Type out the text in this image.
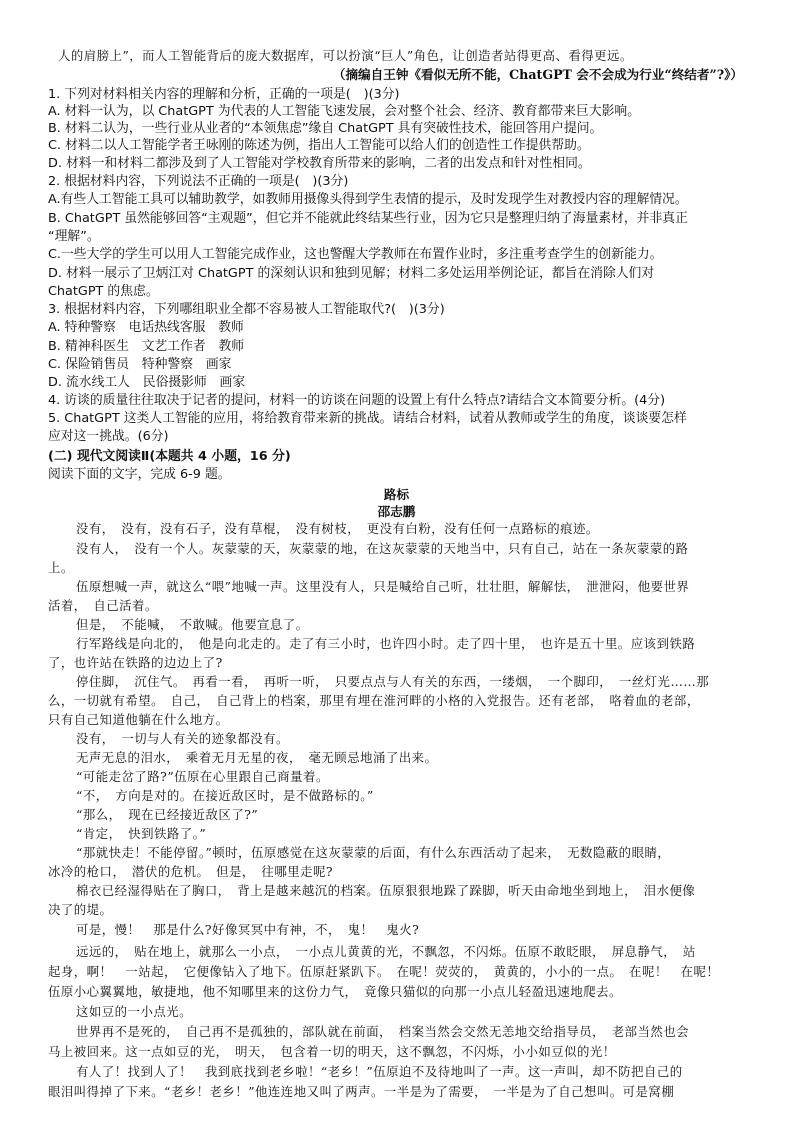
人的肩膀上”，而人工智能背后的庞大数据库，可以扮演“巨人”角色，让创造者站得更高、看得更远。

（摘编自王钟《看似无所不能，ChatGPT 会不会成为行业“终结者”?》）

1. 下列对材料相关内容的理解和分析，正确的一项是(　)(3分)

A. 材料一认为，以 ChatGPT 为代表的人工智能飞速发展，会对整个社会、经济、教育都带来巨大影响。

B. 材料二认为，一些行业从业者的“本领焦虑”缘自 ChatGPT 具有突破性技术，能回答用户提问。

C. 材料二以人工智能学者王咏刚的陈述为例，指出人工智能可以给人们的创造性工作提供帮助。

D. 材料一和材料二都涉及到了人工智能对学校教育所带来的影响，二者的出发点和针对性相同。

2. 根据材料内容，下列说法不正确的一项是(　)(3分)

A.有些人工智能工具可以辅助教学，如教师用摄像头得到学生表情的提示，及时发现学生对教授内容的理解情况。

B. ChatGPT 虽然能够回答“主观题”，但它并不能就此终结某些行业，因为它只是整理归纳了海量素材，并非真正

“理解”。

C.一些大学的学生可以用人工智能完成作业，这也警醒大学教师在布置作业时，多注重考查学生的创新能力。

D. 材料一展示了卫炳江对 ChatGPT 的深刻认识和独到见解；材料二多处运用举例论证，都旨在消除人们对

ChatGPT 的焦虑。

3. 根据材料内容，下列哪组职业全都不容易被人工智能取代?(　)(3分)

A. 特种警察　电话热线客服　教师

B. 精神科医生　文艺工作者　教师

C. 保险销售员　特种警察　画家

D. 流水线工人　民俗摄影师　画家

4. 访谈的质量往往取决于记者的提问，材料一的访谈在问题的设置上有什么特点?请结合文本简要分析。(4分)

5. ChatGPT 这类人工智能的应用，将给教育带来新的挑战。请结合材料，试着从教师或学生的角度，谈谈要怎样

应对这一挑战。(6分)

(二) 现代文阅读Ⅱ(本题共 4 小题，16 分)

阅读下面的文字，完成 6-9 题。

路标

邵志鹏

没有，　没有，没有石子，没有草棍，　没有树枝，　更没有白粉，没有任何一点路标的痕迹。

没有人，　没有一个人。灰蒙蒙的天，灰蒙蒙的地，在这灰蒙蒙的天地当中，只有自己，站在一条灰蒙蒙的路

上。

伍原想喊一声，就这么“喂”地喊一声。这里没有人，只是喊给自己听，壮壮胆，解解怯，　泄泄闷，他要世界

活着，　自己活着。

但是，　不能喊，　不敢喊。他要宣息了。

行军路线是向北的，　他是向北走的。走了有三小时，也许四小时。走了四十里，　也许是五十里。应该到铁路

了，也许站在铁路的边边上了?

停住脚，　沉住气。　再看一看，　再听一听，　只要点点与人有关的东西，一缕烟，　一个脚印，　一丝灯光……那

么，一切就有希望。　自己，　自己背上的档案，那里有埋在淮河畔的小格的入党报告。还有老部，　咯着血的老部，

只有自己知道他躺在什么地方。

没有，　一切与人有关的迹象都没有。

无声无息的泪水，　乘着无月无星的夜，　毫无顾忌地涌了出来。

“可能走岔了路?”伍原在心里跟自己商量着。

“不，　方向是对的。在接近敌区时，是不做路标的。”

“那么，　现在已经接近敌区了?”

“肯定，　快到铁路了。”

“那就快走！不能停留。”顿时，伍原感觉在这灰蒙蒙的后面，有什么东西活动了起来，　无数隐蔽的眼睛，

冰冷的枪口，　潜伏的危机。　但是，　往哪里走呢?

棉衣已经湿得贴在了胸口，　背上是越来越沉的档案。伍原狠狠地跺了跺脚，听天由命地坐到地上，　泪水便像

决了的堤。

可是，慢！　那是什么?好像冥冥中有神，不，　鬼！　鬼火?

远远的，　贴在地上，就那么一小点，　一小点儿黄黄的光，不飘忽，不闪烁。伍原不敢眨眼，　屏息静气，　站

起身，啊！　一站起，　它便像钻入了地下。伍原赶紧趴下。　在呢！荧荧的，　黄黄的，小小的一点。　在呢！　在呢！

伍原小心翼翼地，敏捷地，他不知哪里来的这份力气，　竟像只猫似的向那一小点儿轻盈迅速地爬去。

这如豆的一小点光。

世界再不是死的，　自己再不是孤独的，部队就在前面，　档案当然会交然无恙地交给指导员，　老部当然也会

马上被回来。这一点如豆的光，　明天，　包含着一切的明天，这不飘忽，不闪烁，小小如豆似的光！

有人了！找到人了！　我到底找到老乡啦！“老乡！”伍原迫不及待地叫了一声。这一声叫，却不防把自己的

眼泪叫得掉了下来。“老乡！老乡！”他连连地又叫了两声。一半是为了需要，　一半是为了自己想叫。可是窝棚
